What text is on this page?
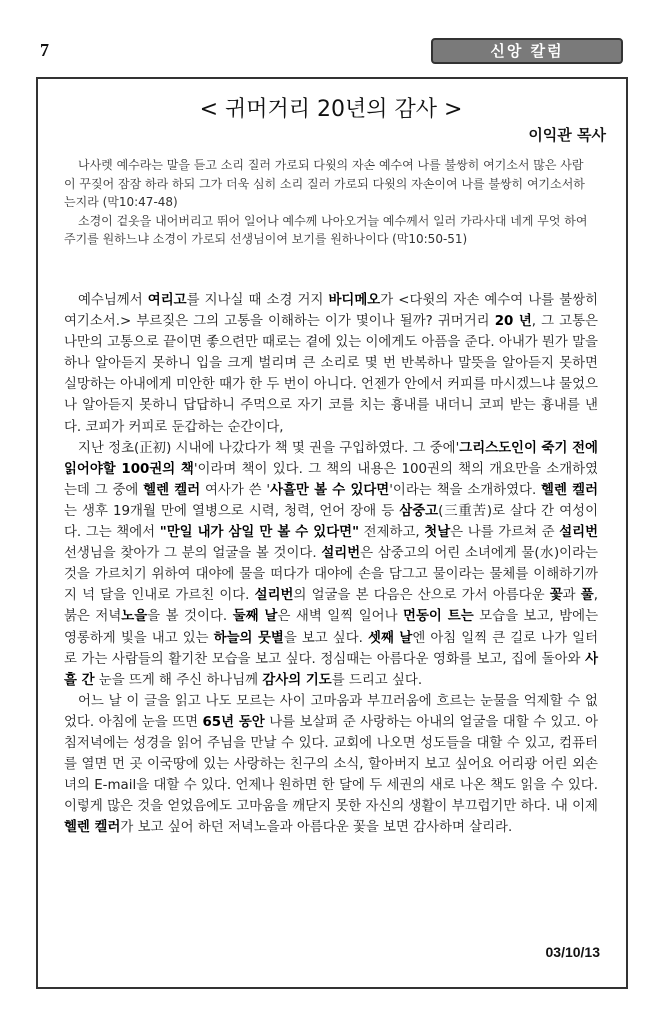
7	신앙 칼럼
< 귀머거리 20년의 감사 >
이익관 목사

나사렛 예수라는 말을 듣고 소리 질러 가로되 다윗의 자손 예수여 나를 불쌍히 여기소서 많은 사람이 꾸짖어 잠잠 하라 하되 그가 더욱 심히 소리 질러 가로되 다윗의 자손이여 나를 불쌍히 여기소서하는지라 (막10:47-48)

소경이 겉옷을 내어버리고 뛰어 일어나 예수께 나아오거늘 예수께서 일러 가라사대 네게 무엇 하여 주기를 원하느냐 소경이 가로되 선생님이여 보기를 원하나이다 (막10:50-51)

예수님께서 여리고를 지나실 때 소경 거지 바디메오가 <다윗의 자손 예수여 나를 불쌍히 여기소서.> 부르짖은 그의 고통을 이해하는 이가 몇이나 될까? 귀머거리 20 년, 그 고통은 나만의 고통으로 끝이면 좋으련만 때로는 곁에 있는 이에게도 아픔을 준다. 아내가 뭔가 말을 하나 알아듣지 못하니 입을 크게 벌리며 큰 소리로 몇 번 반복하나 말뜻을 알아듣지 못하면 실망하는 아내에게 미안한 때가 한 두 번이 아니다. 언젠가 안에서 커피를 마시겠느냐 물었으나 알아듣지 못하니 답답하니 주먹으로 자기 코를 치는 흉내를 내더니 코피 받는 흉내를 낸다. 코피가 커피로 둔갑하는 순간이다,

지난 정초(正初) 시내에 나갔다가 책 몇 권을 구입하였다. 그 중에'그리스도인이 죽기 전에 읽어야할 100권의 책'이라며 책이 있다. 그 책의 내용은 100권의 책의 개요만을 소개하였는데 그 중에 헬렌 켈러 여사가 쓴 '사흘만 볼 수 있다면'이라는 책을 소개하였다. 헬렌 켈러는 생후 19개월 만에 열병으로 시력, 청력, 언어 장애 등 삼중고(三重苦)로 살다 간 여성이다. 그는 책에서 "만일 내가 삼일 만 볼 수 있다면" 전제하고, 첫날은 나를 가르쳐 준 설리번 선생님을 찾아가 그 분의 얼굴을 볼 것이다. 설리번은 삼중고의 어린 소녀에게 물(水)이라는 것을 가르치기 위하여 대야에 물을 떠다가 대야에 손을 담그고 물이라는 물체를 이해하기까지 넉 달을 인내로 가르친 이다. 설리번의 얼굴을 본 다음은 산으로 가서 아름다운 꽃과 풀, 붉은 저녁노을을 볼 것이다. 둘째 날은 새벽 일찍 일어나 먼동이 트는 모습을 보고, 밤에는 영롱하게 빛을 내고 있는 하늘의 뭇별을 보고 싶다. 셋째 날엔 아침 일찍 큰 길로 나가 일터로 가는 사람들의 활기찬 모습을 보고 싶다. 정심때는 아름다운 영화를 보고, 집에 돌아와 사흘 간 눈을 뜨게 해 주신 하나님께 감사의 기도를 드리고 싶다.

어느 날 이 글을 읽고 나도 모르는 사이 고마움과 부끄러움에 흐르는 눈물을 억제할 수 없었다. 아침에 눈을 뜨면 65년 동안 나를 보살펴 준 사랑하는 아내의 얼굴을 대할 수 있고. 아침저녁에는 성경을 읽어 주님을 만날 수 있다. 교회에 나오면 성도들을 대할 수 있고, 컴퓨터를 열면 먼 곳 이국땅에 있는 사랑하는 친구의 소식, 할아버지 보고 싶어요 어리광 어린 외손녀의 E-mail을 대할 수 있다. 언제나 원하면 한 달에 두 세권의 새로 나온 책도 읽을 수 있다. 이렇게 많은 것을 얻었음에도 고마움을 깨닫지 못한 자신의 생활이 부끄럽기만 하다. 내 이제 헬렌 켈러가 보고 싶어 하던 저녁노을과 아름다운 꽃을 보면 감사하며 살리라.

03/10/13
